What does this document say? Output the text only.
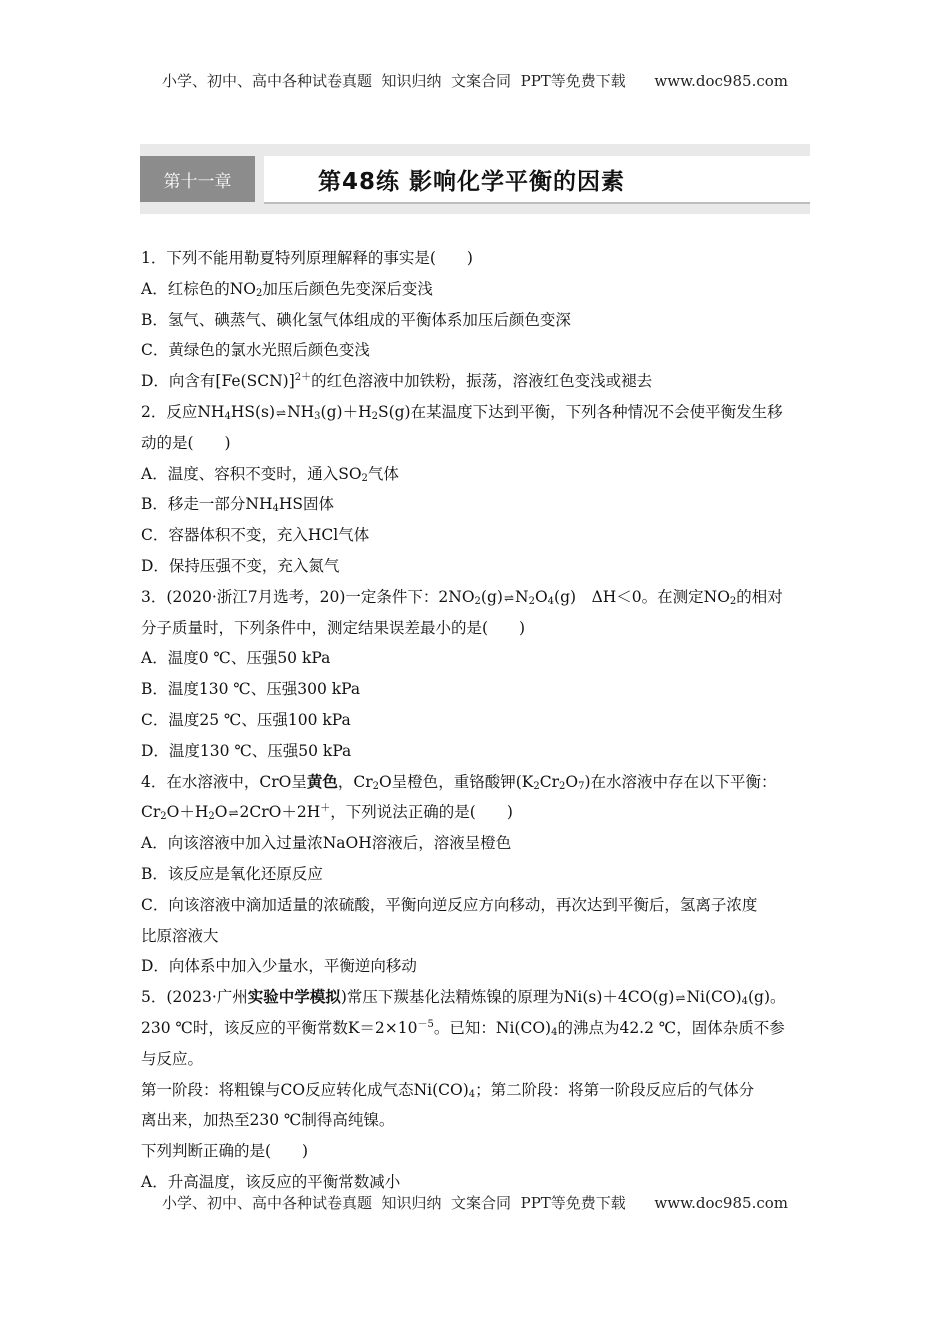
小学、初中、高中各种试卷真题  知识归纳  文案合同  PPT等免费下载      www.doc985.com
第十一章	第48练 影响化学平衡的因素
1．下列不能用勒夏特列原理解释的事实是(　　)
A．红棕色的$NO_2$加压后颜色先变深后变浅
B．氢气、碘蒸气、碘化氢气体组成的平衡体系加压后颜色变深
C．黄绿色的氯水光照后颜色变浅
D．向含有$[Fe(SCN)]^{2+}$的红色溶液中加铁粉，振荡，溶液红色变浅或褪去
2．反应$NH_4HS(s)\rightleftharpoons NH_3(g)+H_2S(g)$在某温度下达到平衡，下列各种情况不会使平衡发生移
动的是(　　)
A．温度、容积不变时，通入$SO_2$气体
B．移走一部分$NH_4HS$固体
C．容器体积不变，充入HCl气体
D．保持压强不变，充入氮气
3．(2020·浙江7月选考，20)一定条件下：$2NO_2(g)\rightleftharpoons N_2O_4(g)$　ΔH＜0。在测定$NO_2$的相对
分子质量时，下列条件中，测定结果误差最小的是(　　)
A．温度0 ℃、压强50 kPa
B．温度130 ℃、压强300 kPa
C．温度25 ℃、压强100 kPa
D．温度130 ℃、压强50 kPa
4．在水溶液中，CrO呈黄色，$Cr_2O$呈橙色，重铬酸钾$(K_2Cr_2O_7)$在水溶液中存在以下平衡：
$Cr_2O+H_2O\rightleftharpoons 2CrO+2H^+$，下列说法正确的是(　　)
A．向该溶液中加入过量浓NaOH溶液后，溶液呈橙色
B．该反应是氧化还原反应
C．向该溶液中滴加适量的浓硫酸，平衡向逆反应方向移动，再次达到平衡后，氢离子浓度
比原溶液大
D．向体系中加入少量水，平衡逆向移动
5．(2023·广州实验中学模拟)常压下羰基化法精炼镍的原理为$Ni(s)+4CO(g)\rightleftharpoons Ni(CO)_4(g)$。
230 ℃时，该反应的平衡常数$K=2\times 10^{-5}$。已知：$Ni(CO)_4$的沸点为42.2 ℃，固体杂质不参
与反应。
第一阶段：将粗镍与CO反应转化成气态$Ni(CO)_4$；第二阶段：将第一阶段反应后的气体分
离出来，加热至230 ℃制得高纯镍。
下列判断正确的是(　　)
A．升高温度，该反应的平衡常数减小
小学、初中、高中各种试卷真题  知识归纳  文案合同  PPT等免费下载      www.doc985.com
